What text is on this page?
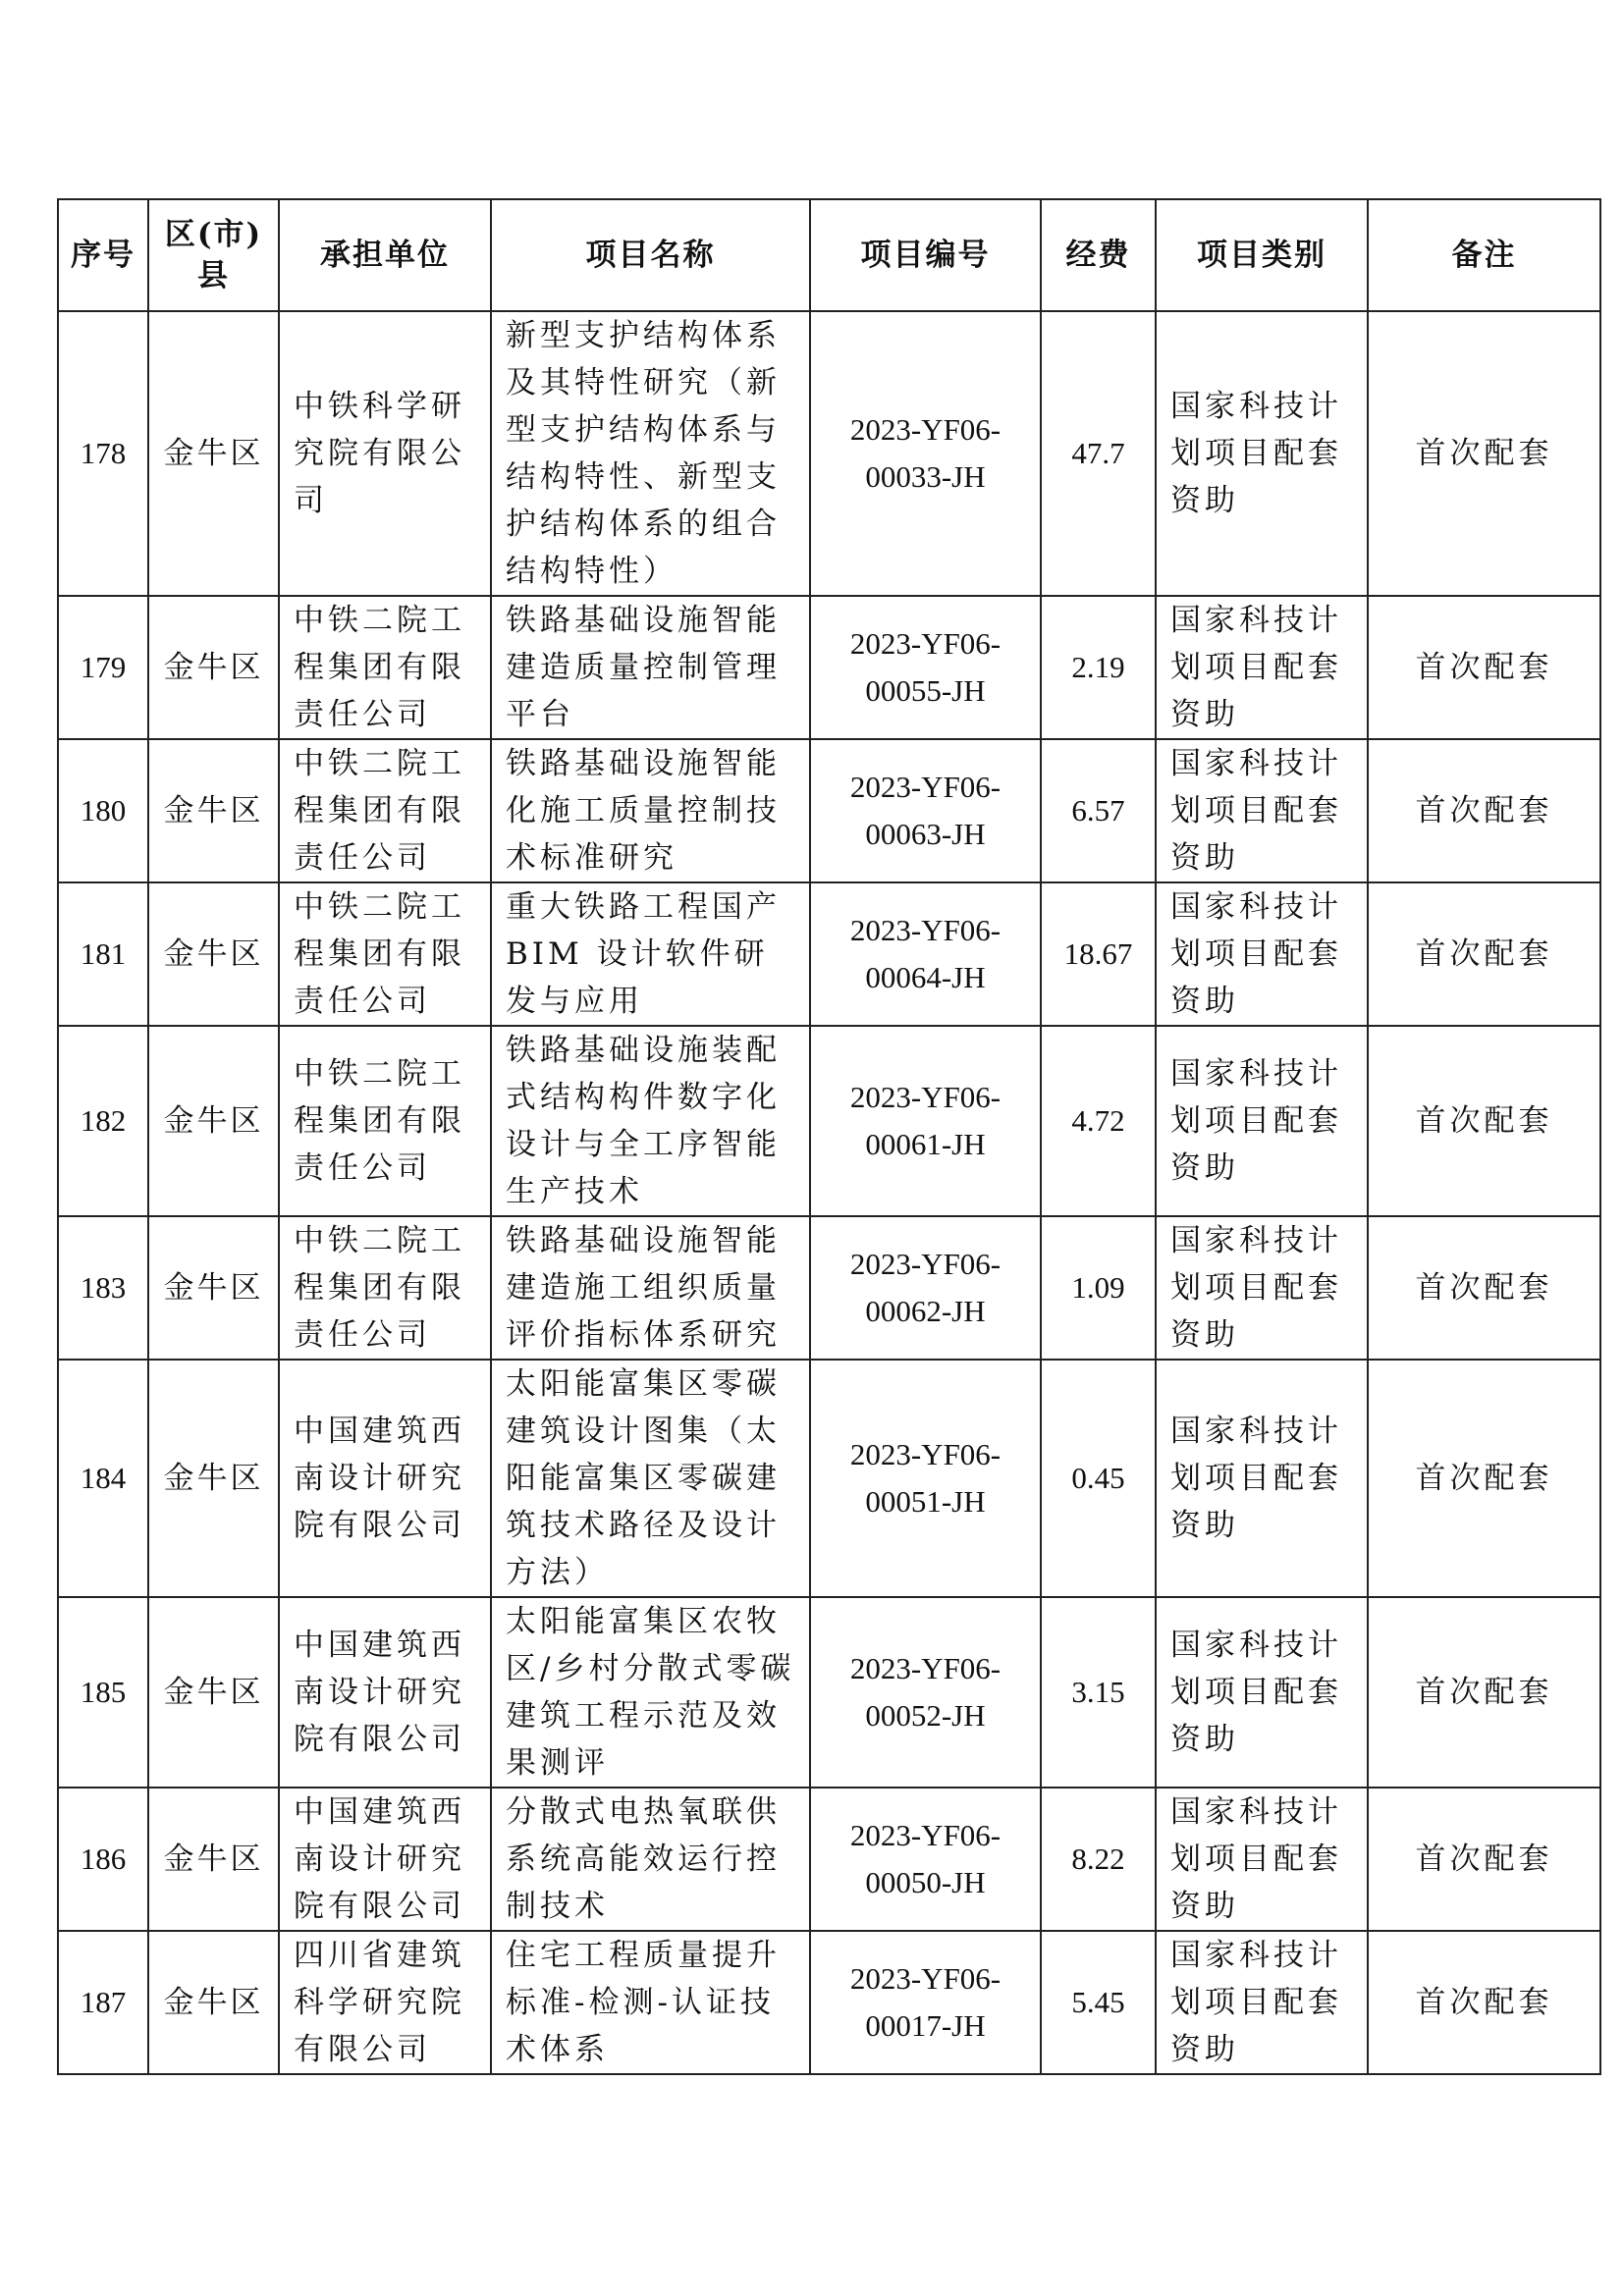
序号	区(市)县	承担单位	项目名称	项目编号	经费	项目类别	备注
178	金牛区	中铁科学研究院有限公司	新型支护结构体系及其特性研究（新型支护结构体系与结构特性、新型支护结构体系的组合结构特性）	2023-YF06-00033-JH	47.7	国家科技计划项目配套资助	首次配套
179	金牛区	中铁二院工程集团有限责任公司	铁路基础设施智能建造质量控制管理平台	2023-YF06-00055-JH	2.19	国家科技计划项目配套资助	首次配套
180	金牛区	中铁二院工程集团有限责任公司	铁路基础设施智能化施工质量控制技术标准研究	2023-YF06-00063-JH	6.57	国家科技计划项目配套资助	首次配套
181	金牛区	中铁二院工程集团有限责任公司	重大铁路工程国产BIM 设计软件研发与应用	2023-YF06-00064-JH	18.67	国家科技计划项目配套资助	首次配套
182	金牛区	中铁二院工程集团有限责任公司	铁路基础设施装配式结构构件数字化设计与全工序智能生产技术	2023-YF06-00061-JH	4.72	国家科技计划项目配套资助	首次配套
183	金牛区	中铁二院工程集团有限责任公司	铁路基础设施智能建造施工组织质量评价指标体系研究	2023-YF06-00062-JH	1.09	国家科技计划项目配套资助	首次配套
184	金牛区	中国建筑西南设计研究院有限公司	太阳能富集区零碳建筑设计图集（太阳能富集区零碳建筑技术路径及设计方法）	2023-YF06-00051-JH	0.45	国家科技计划项目配套资助	首次配套
185	金牛区	中国建筑西南设计研究院有限公司	太阳能富集区农牧区/乡村分散式零碳建筑工程示范及效果测评	2023-YF06-00052-JH	3.15	国家科技计划项目配套资助	首次配套
186	金牛区	中国建筑西南设计研究院有限公司	分散式电热氧联供系统高能效运行控制技术	2023-YF06-00050-JH	8.22	国家科技计划项目配套资助	首次配套
187	金牛区	四川省建筑科学研究院有限公司	住宅工程质量提升标准-检测-认证技术体系	2023-YF06-00017-JH	5.45	国家科技计划项目配套资助	首次配套
